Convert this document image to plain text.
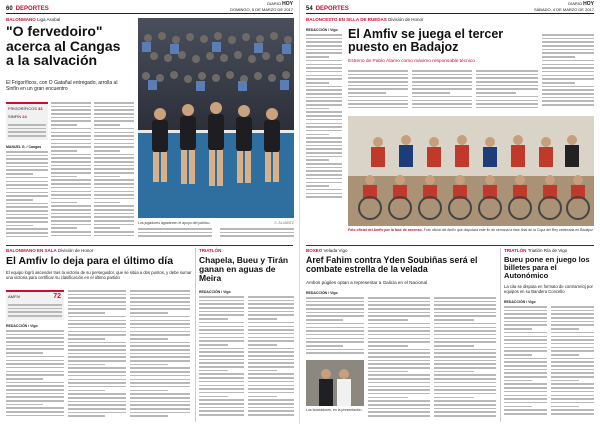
60 DEPORTES
DIARIO HOY
DOMINGO, 5 DE MARZO DE 2017
BALONMANO Liga Asobal
"O fervedoiro" acerca al Cangas a la salvación
El Frigoríficos, con O Gatañal entregado, arrolla al Sinfín en un gran encuentro
FRIGORÍFICOS 33
SINFÍN 24
MANUEL G. / Cangas
Los jugadores agradecen el apoyo del público.	S. ÁLVAREZ
BALONMANO EN SALA División de Honor
El Amfiv lo deja para el último día
El equipo logró ascender tras la victoria de su perseguidor, que se sitúa a dos puntos, y debe sumar una victoria para certificar su clasificación en el último partido
AMFIV	72
REDACCIÓN / Vigo
TRIATLÓN
Chapela, Bueu y Tirán ganan en aguas de Meira
REDACCIÓN / Vigo
54 DEPORTES
DIARIO HOY
SÁBADO, 4 DE MARZO DE 2017
BALONCESTO EN SILLA DE RUEDAS División de Honor
REDACCIÓN / Vigo El Amfiv se juega el tercer puesto en Badajoz
Estreno de Pablo Álamo como máximo responsable técnico
Foto oficial del Amfiv por la fase de ascenso. Foto oficial del Amfiv que disputará este fin de semana la fase final de la Copa del Rey celebrada en Badajoz.
BOXEO Velada Vigo
Aref Fahim contra Yden Soubiñas será el combate estrella de la velada
Ambos púgiles optan a representar a Galicia en el Nacional
REDACCIÓN / Vigo
Los boxeadores, en la presentación.
TRIATLÓN Triatlón Ría de Vigo
Bueu pone en juego los billetes para el Autonómico
La cita se disputa en formato de contrarreloj por equipos en su Bandera Concello
REDACCIÓN / Vigo
